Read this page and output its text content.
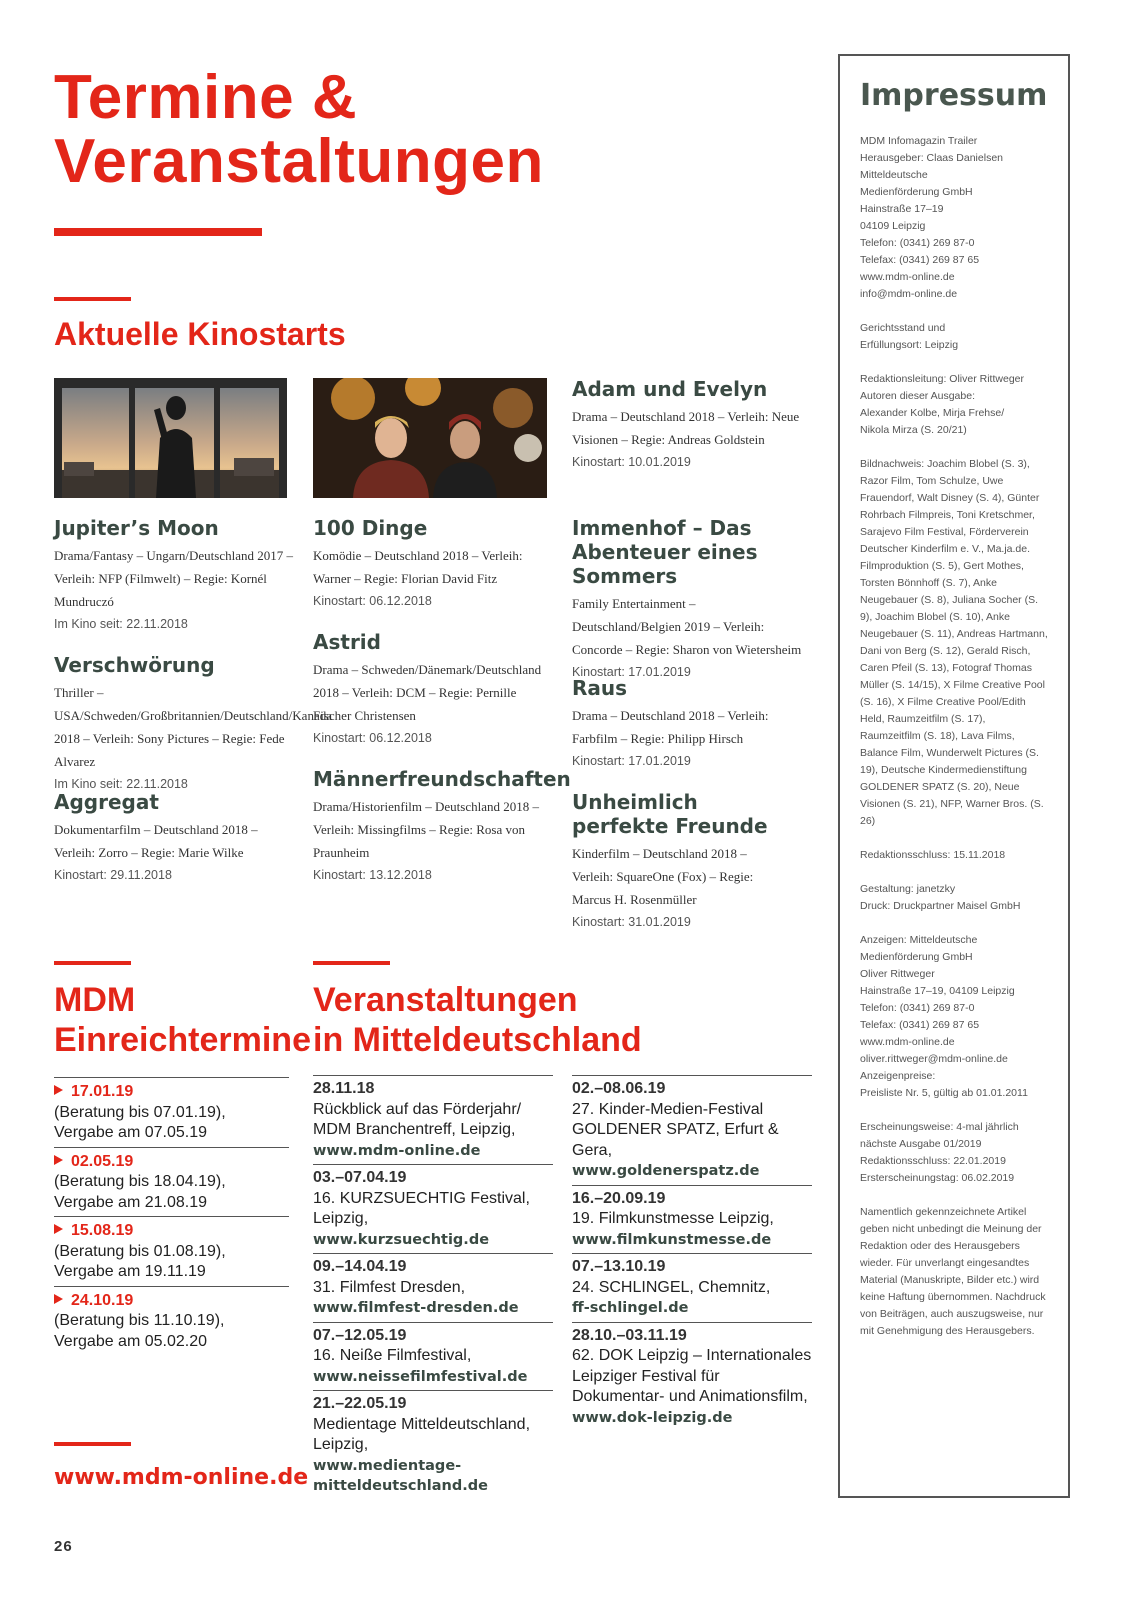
Termine &
Veranstaltungen
Aktuelle Kinostarts
Jupiter’s Moon
Drama/Fantasy – Ungarn/Deutschland 2017 – Verleih: NFP (Filmwelt) – Regie: Kornél Mundruczó
Im Kino seit: 22.11.2018
Verschwörung
Thriller – USA/Schweden/Großbritannien/Deutschland/Kanada 2018 – Verleih: Sony Pictures – Regie: Fede Alvarez
Im Kino seit: 22.11.2018
Aggregat
Dokumentarfilm – Deutschland 2018 – Verleih: Zorro – Regie: Marie Wilke
Kinostart: 29.11.2018
100 Dinge
Komödie – Deutschland 2018 – Verleih: Warner – Regie: Florian David Fitz
Kinostart: 06.12.2018
Astrid
Drama – Schweden/Dänemark/Deutschland 2018 – Verleih: DCM – Regie: Pernille Fischer Christensen
Kinostart: 06.12.2018
Männerfreundschaften
Drama/Historienfilm – Deutschland 2018 – Verleih: Missingfilms – Regie: Rosa von Praunheim
Kinostart: 13.12.2018
Adam und Evelyn
Drama – Deutschland 2018 – Verleih: Neue Visionen – Regie: Andreas Goldstein
Kinostart: 10.01.2019
Immenhof – Das Abenteuer eines Sommers
Family Entertainment – Deutschland/Belgien 2019 – Verleih: Concorde – Regie: Sharon von Wietersheim
Kinostart: 17.01.2019
Raus
Drama – Deutschland 2018 – Verleih: Farbfilm – Regie: Philipp Hirsch
Kinostart: 17.01.2019
Unheimlich perfekte Freunde
Kinderfilm – Deutschland 2018 – Verleih: SquareOne (Fox) – Regie: Marcus H. Rosenmüller
Kinostart: 31.01.2019
MDM
Einreichtermine
17.01.19
(Beratung bis 07.01.19),
Vergabe am 07.05.19
02.05.19
(Beratung bis 18.04.19),
Vergabe am 21.08.19
15.08.19
(Beratung bis 01.08.19),
Vergabe am 19.11.19
24.10.19
(Beratung bis 11.10.19),
Vergabe am 05.02.20
Veranstaltungen
in Mitteldeutschland
28.11.18
Rückblick auf das Förderjahr/ MDM Branchentreff, Leipzig,
www.mdm-online.de
03.–07.04.19
16. KURZSUECHTIG Festival, Leipzig,
www.kurzsuechtig.de
09.–14.04.19
31. Filmfest Dresden,
www.filmfest-dresden.de
07.–12.05.19
16. Neiße Filmfestival,
www.neissefilmfestival.de
21.–22.05.19
Medientage Mitteldeutschland, Leipzig,
www.medientage-mitteldeutschland.de
02.–08.06.19
27. Kinder-Medien-Festival GOLDENER SPATZ, Erfurt & Gera,
www.goldenerspatz.de
16.–20.09.19
19. Filmkunstmesse Leipzig,
www.filmkunstmesse.de
07.–13.10.19
24. SCHLINGEL, Chemnitz,
ff-schlingel.de
28.10.–03.11.19
62. DOK Leipzig – Internationales Leipziger Festival für Dokumentar- und Animationsfilm,
www.dok-leipzig.de
www.mdm-online.de
26
Impressum
MDM Infomagazin Trailer
Herausgeber: Claas Danielsen
Mitteldeutsche
Medienförderung GmbH
Hainstraße 17–19
04109 Leipzig
Telefon: (0341) 269 87-0
Telefax: (0341) 269 87 65
www.mdm-online.de
info@mdm-online.de
Gerichtsstand und
Erfüllungsort: Leipzig
Redaktionsleitung: Oliver Rittweger
Autoren dieser Ausgabe:
Alexander Kolbe, Mirja Frehse/
Nikola Mirza (S. 20/21)
Bildnachweis: Joachim Blobel (S. 3), Razor Film, Tom Schulze, Uwe Frauendorf, Walt Disney (S. 4), Günter Rohrbach Filmpreis, Toni Kretschmer, Sarajevo Film Festival, Förderverein Deutscher Kinderfilm e. V., Ma.ja.de. Filmproduktion (S. 5), Gert Mothes, Torsten Bönnhoff (S. 7), Anke Neugebauer (S. 8), Juliana Socher (S. 9), Joachim Blobel (S. 10), Anke Neugebauer (S. 11), Andreas Hartmann, Dani von Berg (S. 12), Gerald Risch, Caren Pfeil (S. 13), Fotograf Thomas Müller (S. 14/15), X Filme Creative Pool (S. 16), X Filme Creative Pool/Edith Held, Raumzeitfilm (S. 17), Raumzeitfilm (S. 18), Lava Films, Balance Film, Wunderwelt Pictures (S. 19), Deutsche Kindermedienstiftung GOLDENER SPATZ (S. 20), Neue Visionen (S. 21), NFP, Warner Bros. (S. 26)
Redaktionsschluss: 15.11.2018
Gestaltung: janetzky
Druck: Druckpartner Maisel GmbH
Anzeigen: Mitteldeutsche
Medienförderung GmbH
Oliver Rittweger
Hainstraße 17–19, 04109 Leipzig
Telefon: (0341) 269 87-0
Telefax: (0341) 269 87 65
www.mdm-online.de
oliver.rittweger@mdm-online.de
Anzeigenpreise:
Preisliste Nr. 5, gültig ab 01.01.2011
Erscheinungsweise: 4-mal jährlich
nächste Ausgabe 01/2019
Redaktionsschluss: 22.01.2019
Ersterscheinungstag: 06.02.2019
Namentlich gekennzeichnete Artikel geben nicht unbedingt die Meinung der Redaktion oder des Herausgebers wieder. Für unverlangt eingesandtes Material (Manuskripte, Bilder etc.) wird keine Haftung übernommen. Nachdruck von Beiträgen, auch auszugsweise, nur mit Genehmigung des Herausgebers.
